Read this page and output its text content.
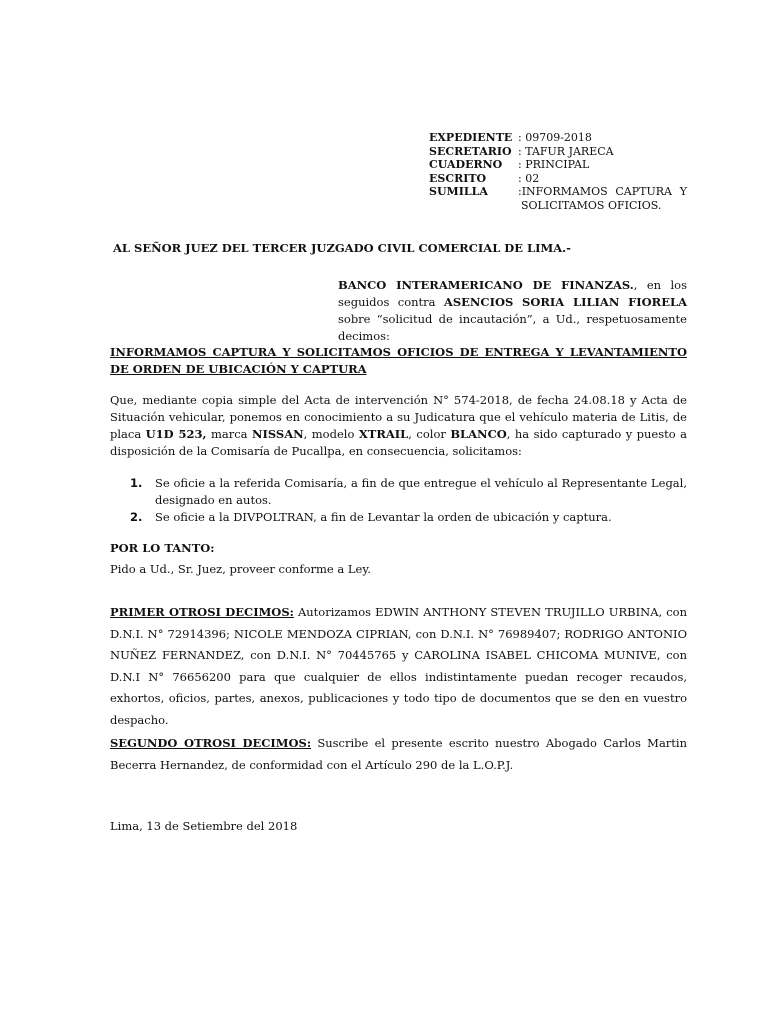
EXPEDIENTE : 09709-2018
SECRETARIO : TAFUR JARECA
CUADERNO	: PRINCIPAL
ESCRITO	: 02
SUMILLA	:INFORMAMOS CAPTURA Y
SOLICITAMOS OFICIOS.
AL SEÑOR JUEZ DEL TERCER JUZGADO CIVIL COMERCIAL DE LIMA.-
BANCO INTERAMERICANO DE FINANZAS., en los seguidos contra ASENCIOS SORIA LILIAN FIORELA sobre “solicitud de incautación”, a Ud., respetuosamente decimos:
INFORMAMOS CAPTURA Y SOLICITAMOS OFICIOS DE ENTREGA Y LEVANTAMIENTO DE ORDEN DE UBICACIÓN Y CAPTURA
Que, mediante copia simple del Acta de intervención N° 574-2018, de fecha 24.08.18 y Acta de Situación vehicular, ponemos en conocimiento a su Judicatura que el vehículo materia de Litis, de placa U1D 523, marca NISSAN, modelo XTRAIL, color BLANCO, ha sido capturado y puesto a disposición de la Comisaría de Pucallpa, en consecuencia, solicitamos:
1.	Se oficie a la referida Comisaría, a fin de que entregue el vehículo al Representante Legal, designado en autos.
2.	Se oficie a la DIVPOLTRAN, a fin de Levantar la orden de ubicación y captura.
POR LO TANTO:
Pido a Ud., Sr. Juez, proveer conforme a Ley.
PRIMER OTROSI DECIMOS: Autorizamos EDWIN ANTHONY STEVEN TRUJILLO URBINA, con D.N.I. N° 72914396; NICOLE MENDOZA CIPRIAN, con D.N.I. N° 76989407; RODRIGO ANTONIO NUÑEZ FERNANDEZ, con D.N.I. N° 70445765 y CAROLINA ISABEL CHICOMA MUNIVE, con D.N.I N° 76656200 para que cualquier de ellos indistintamente puedan recoger recaudos, exhortos, oficios, partes, anexos, publicaciones y todo tipo de documentos que se den en vuestro despacho.
SEGUNDO OTROSI DECIMOS: Suscribe el presente escrito nuestro Abogado Carlos Martin Becerra Hernandez, de conformidad con el Artículo 290 de la L.O.P.J.
Lima, 13 de Setiembre del 2018
